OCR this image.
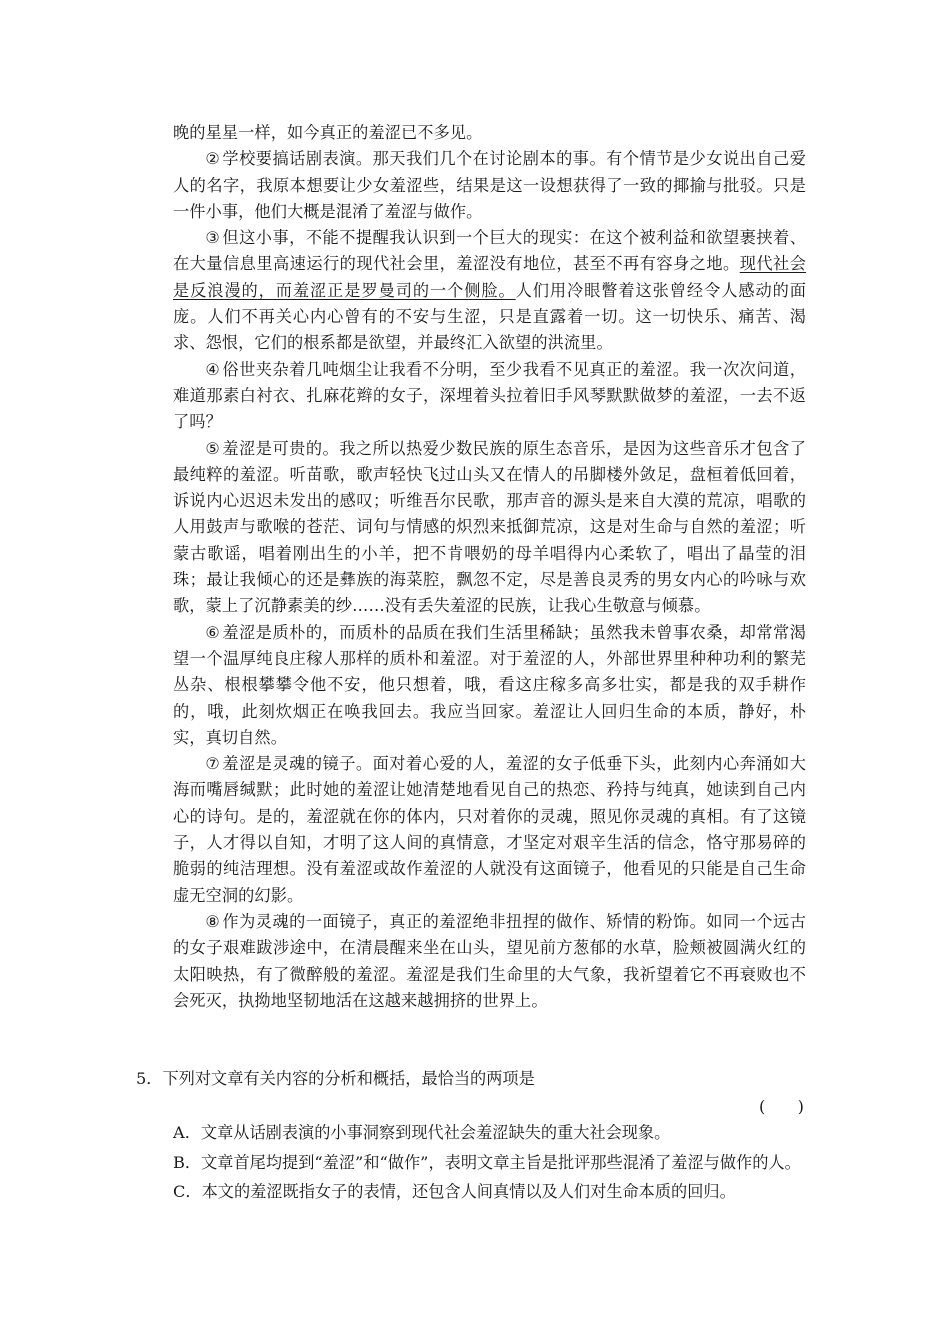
晚的星星一样，如今真正的羞涩已不多见。

② 学校要搞话剧表演。那天我们几个在讨论剧本的事。有个情节是少女说出自己爱人的名字，我原本想要让少女羞涩些，结果是这一设想获得了一致的揶揄与批驳。只是一件小事，他们大概是混淆了羞涩与做作。

③ 但这小事，不能不提醒我认识到一个巨大的现实：在这个被利益和欲望裹挟着、在大量信息里高速运行的现代社会里，羞涩没有地位，甚至不再有容身之地。现代社会是反浪漫的，而羞涩正是罗曼司的一个侧脸。人们用冷眼瞥着这张曾经令人感动的面庞。人们不再关心内心曾有的不安与生涩，只是直露着一切。这一切快乐、痛苦、渴求、怨恨，它们的根系都是欲望，并最终汇入欲望的洪流里。

④ 俗世夹杂着几吨烟尘让我看不分明，至少我看不见真正的羞涩。我一次次问道，难道那素白衬衣、扎麻花辫的女子，深埋着头拉着旧手风琴默默做梦的羞涩，一去不返了吗？

⑤ 羞涩是可贵的。我之所以热爱少数民族的原生态音乐，是因为这些音乐才包含了最纯粹的羞涩。听苗歌，歌声轻快飞过山头又在情人的吊脚楼外敛足，盘桓着低回着，诉说内心迟迟未发出的感叹；听维吾尔民歌，那声音的源头是来自大漠的荒凉，唱歌的人用鼓声与歌喉的苍茫、词句与情感的炽烈来抵御荒凉，这是对生命与自然的羞涩；听蒙古歌谣，唱着刚出生的小羊，把不肯喂奶的母羊唱得内心柔软了，唱出了晶莹的泪珠；最让我倾心的还是彝族的海菜腔，飘忽不定，尽是善良灵秀的男女内心的吟咏与欢歌，蒙上了沉静素美的纱……没有丢失羞涩的民族，让我心生敬意与倾慕。

⑥ 羞涩是质朴的，而质朴的品质在我们生活里稀缺；虽然我未曾事农桑，却常常渴望一个温厚纯良庄稼人那样的质朴和羞涩。对于羞涩的人，外部世界里种种功利的繁芜丛杂、根根攀攀令他不安，他只想着，哦，看这庄稼多高多壮实，都是我的双手耕作的，哦，此刻炊烟正在唤我回去。我应当回家。羞涩让人回归生命的本质，静好，朴实，真切自然。

⑦ 羞涩是灵魂的镜子。面对着心爱的人，羞涩的女子低垂下头，此刻内心奔涌如大海而嘴唇缄默；此时她的羞涩让她清楚地看见自己的热恋、矜持与纯真，她读到自己内心的诗句。是的，羞涩就在你的体内，只对着你的灵魂，照见你灵魂的真相。有了这镜子，人才得以自知，才明了这人间的真情意，才坚定对艰辛生活的信念，恪守那易碎的脆弱的纯洁理想。没有羞涩或故作羞涩的人就没有这面镜子，他看见的只能是自己生命虚无空洞的幻影。

⑧ 作为灵魂的一面镜子，真正的羞涩绝非扭捏的做作、矫情的粉饰。如同一个远古的女子艰难跋涉途中，在清晨醒来坐在山头，望见前方葱郁的水草，脸颊被圆满火红的太阳映热，有了微醉般的羞涩。羞涩是我们生命里的大气象，我祈望着它不再衰败也不会死灭，执拗地坚韧地活在这越来越拥挤的世界上。

5．下列对文章有关内容的分析和概括，最恰当的两项是

(　　)

A．文章从话剧表演的小事洞察到现代社会羞涩缺失的重大社会现象。

B．文章首尾均提到“羞涩”和“做作”，表明文章主旨是批评那些混淆了羞涩与做作的人。

C．本文的羞涩既指女子的表情，还包含人间真情以及人们对生命本质的回归。
